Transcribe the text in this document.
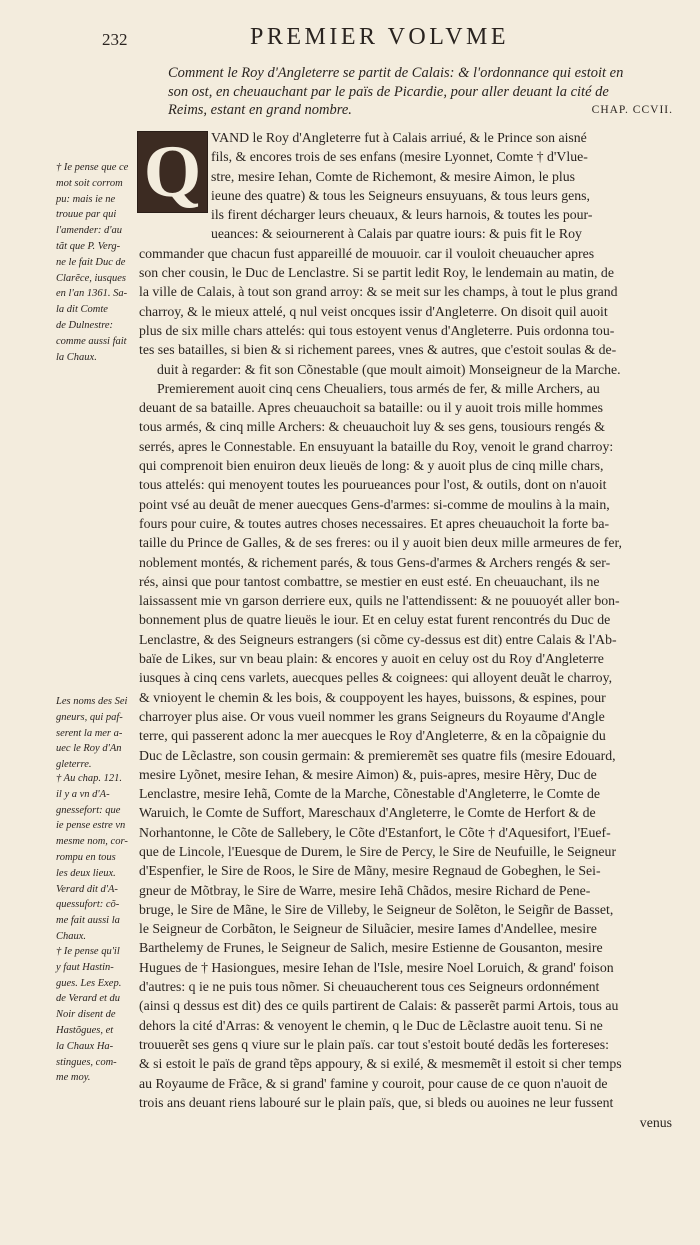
232	PREMIER VOLVME
Comment le Roy d'Angleterre se partit de Calais: & l'ordonnance qui estoit en
son ost, en cheuauchant par le païs de Picardie, pour aller deuant la cité de
Reims, estant en grand nombre.	CHAP. CCVII.
Q VAND le Roy d'Angleterre fut à Calais arriué, & le Prince son aisné
fils, & encores trois de ses enfans (mesire Lyonnet, Comte † d'Vlue-
stre, mesire Iehan, Comte de Richemont, & mesire Aimon, le plus
ieune des quatre) & tous les Seigneurs ensuyuans, & tous leurs gens,
ils firent décharger leurs cheuaux, & leurs harnois, & toutes les pour-
ueances: & seiournerent à Calais par quatre iours: & puis fit le Roy
commander que chacun fust appareillé de mouuoir. car il vouloit cheuaucher apres
son cher cousin, le Duc de Lenclastre. Si se partit ledit Roy, le lendemain au matin, de
la ville de Calais, à tout son grand arroy: & se meit sur les champs, à tout le plus grand
charroy, & le mieux attelé, q nul veist oncques issir d'Angleterre. On disoit quil auoit
plus de six mille chars attelés: qui tous estoyent venus d'Angleterre. Puis ordonna tou-
tes ses batailles, si bien & si richement parees, vnes & autres, que c'estoit soulas & de-
duit à regarder: & fit son Cõnestable (que moult aimoit) Monseigneur de la Marche.
Premierement auoit cinq cens Cheualiers, tous armés de fer, & mille Archers, au
deuant de sa bataille. Apres cheuauchoit sa bataille: ou il y auoit trois mille hommes
tous armés, & cinq mille Archers: & cheuauchoit luy & ses gens, tousiours rengés &
serrés, apres le Connestable. En ensuyuant la bataille du Roy, venoit le grand charroy:
qui comprenoit bien enuiron deux lieuës de long: & y auoit plus de cinq mille chars,
tous attelés: qui menoyent toutes les pourueances pour l'ost, & outils, dont on n'auoit
point vsé au deuãt de mener auecques Gens-d'armes: si-comme de moulins à la main,
fours pour cuire, & toutes autres choses necessaires. Et apres cheuauchoit la forte ba-
taille du Prince de Galles, & de ses freres: ou il y auoit bien deux mille armeures de fer,
noblement montés, & richement parés, & tous Gens-d'armes & Archers rengés & ser-
rés, ainsi que pour tantost combattre, se mestier en eust esté. En cheuauchant, ils ne
laissassent mie vn garson derriere eux, quils ne l'attendissent: & ne pouuoyét aller bon-
bonnement plus de quatre lieuës le iour. Et en celuy estat furent rencontrés du Duc de
Lenclastre, & des Seigneurs estrangers (si cõme cy-dessus est dit) entre Calais & l'Ab-
baïe de Likes, sur vn beau plain: & encores y auoit en celuy ost du Roy d'Angleterre
iusques à cinq cens varlets, auecques pelles & coignees: qui alloyent deuãt le charroy,
& vnioyent le chemin & les bois, & couppoyent les hayes, buissons, & espines, pour
charroyer plus aise. Or vous vueil nommer les grans Seigneurs du Royaume d'Angle
terre, qui passerent adonc la mer auecques le Roy d'Angleterre, & en la cõpaignie du
Duc de Lẽclastre, son cousin germain: & premieremẽt ses quatre fils (mesire Edouard,
mesire Lyõnet, mesire Iehan, & mesire Aimon) &, puis-apres, mesire Hẽry, Duc de
Lenclastre, mesire Iehã, Comte de la Marche, Cõnestable d'Angleterre, le Comte de
Waruich, le Comte de Suffort, Mareschaux d'Angleterre, le Comte de Herfort & de
Norhantonne, le Cõte de Sallebery, le Cõte d'Estanfort, le Cõte † d'Aquesifort, l'Euef-
que de Lincole, l'Euesque de Durem, le Sire de Percy, le Sire de Neufuille, le Seigneur
d'Espenfier, le Sire de Roos, le Sire de Mãny, mesire Regnaud de Gobeghen, le Sei-
gneur de Mõtbray, le Sire de Warre, mesire Iehã Chãdos, mesire Richard de Pene-
bruge, le Sire de Mãne, le Sire de Villeby, le Seigneur de Solẽton, le Seigñr de Basset,
le Seigneur de Corbãton, le Seigneur de Siluãcier, mesire Iames d'Andellee, mesire
Barthelemy de Frunes, le Seigneur de Salich, mesire Estienne de Gousanton, mesire
Hugues de † Hasiongues, mesire Iehan de l'Isle, mesire Noel Loruich, & grand' foison
d'autres: q ie ne puis tous nõmer. Si cheuaucherent tous ces Seigneurs ordonnément
(ainsi q dessus est dit) des ce quils partirent de Calais: & passerẽt parmi Artois, tous au
dehors la cité d'Arras: & venoyent le chemin, q le Duc de Lẽclastre auoit tenu. Si ne
trouuerẽt ses gens q viure sur le plain païs. car tout s'estoit bouté dedãs les fortereses:
& si estoit le païs de grand tẽps appoury, & si exilé, & mesmemẽt il estoit si cher temps
au Royaume de Frãce, & si grand' famine y couroit, pour cause de ce quon n'auoit de
trois ans deuant riens labouré sur le plain païs, que, si bleds ou auoines ne leur fussent
† Ie pense que ce
mot soit corrom
pu: mais ie ne
trouue par qui
l'amender: d'au
tãt que P. Verg-
ne le fait Duc de
Clarẽce, iusques
en l'an 1361. Sa-
la dit Comte
de Dulnestre:
comme aussi fait
la Chaux.
Les noms des Sei
gneurs, qui paf-
serent la mer a-
uec le Roy d'An
gleterre.
† Au chap. 121.
il y a vn d'A-
gnessefort: que
ie pense estre vn
mesme nom, cor-
rompu en tous
les deux lieux.
Verard dit d'A-
quessufort: cõ-
me fait aussi la
Chaux.
† Ie pense qu'il
y faut Hastin-
gues. Les Exep.
de Verard et du
Noir disent de
Hastõgues, et
la Chaux Ha-
stingues, com-
me moy.
venus
